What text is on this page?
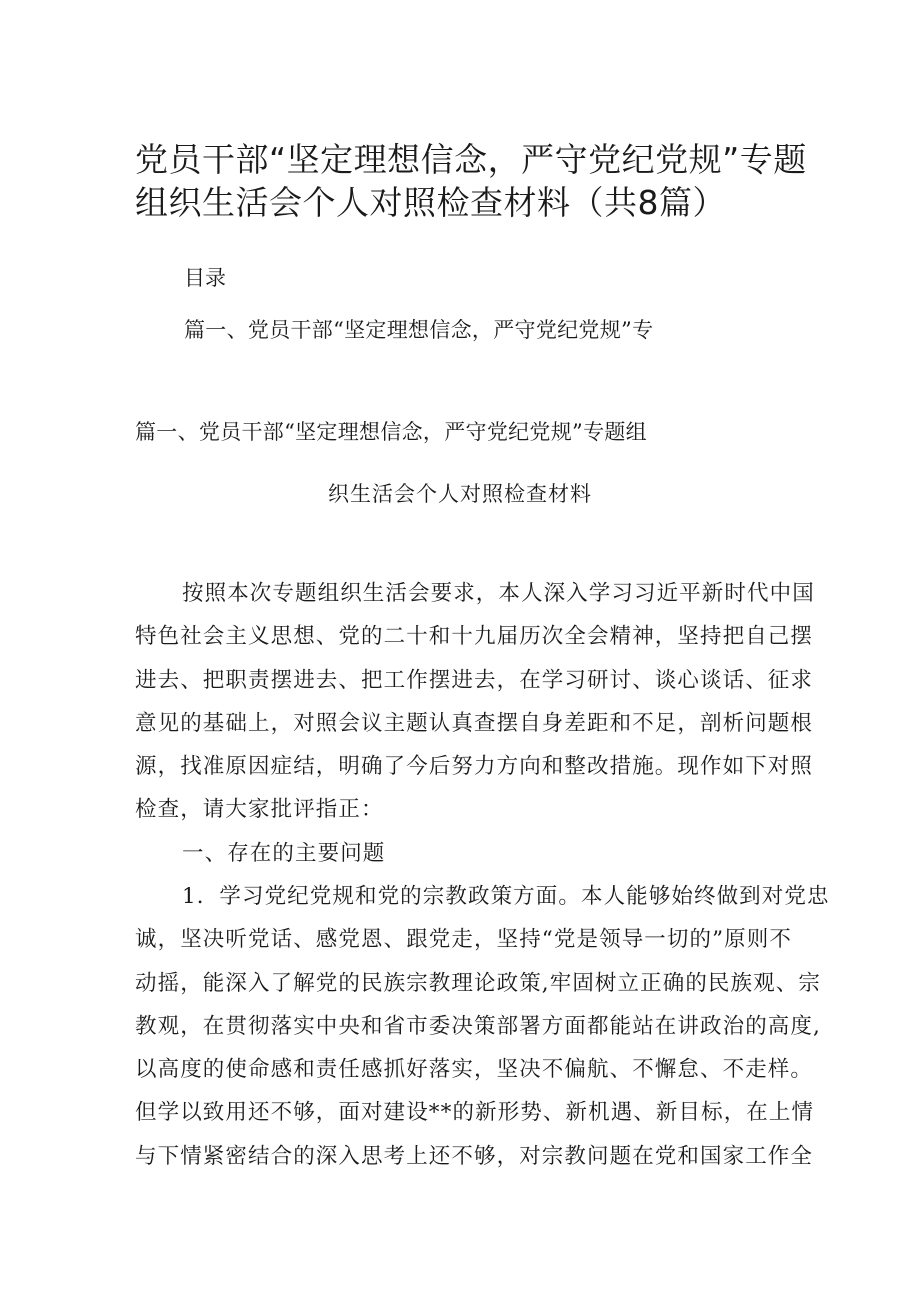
党员干部“坚定理想信念，严守党纪党规”专题
组织生活会个人对照检查材料（共8篇）
目录
篇一、党员干部“坚定理想信念，严守党纪党规”专
篇一、党员干部“坚定理想信念，严守党纪党规”专题组
织生活会个人对照检查材料
按照本次专题组织生活会要求，本人深入学习习近平新时代中国
特色社会主义思想、党的二十和十九届历次全会精神，坚持把自己摆
进去、把职责摆进去、把工作摆进去，在学习研讨、谈心谈话、征求
意见的基础上，对照会议主题认真查摆自身差距和不足，剖析问题根
源，找准原因症结，明确了今后努力方向和整改措施。现作如下对照
检查，请大家批评指正：
一、存在的主要问题
1．学习党纪党规和党的宗教政策方面。本人能够始终做到对党忠
诚，坚决听党话、感党恩、跟党走，坚持“党是领导一切的”原则不
动摇，能深入了解党的民族宗教理论政策,牢固树立正确的民族观、宗
教观，在贯彻落实中央和省市委决策部署方面都能站在讲政治的高度,
以高度的使命感和责任感抓好落实，坚决不偏航、不懈怠、不走样。
但学以致用还不够，面对建设**的新形势、新机遇、新目标，在上情
与下情紧密结合的深入思考上还不够，对宗教问题在党和国家工作全
